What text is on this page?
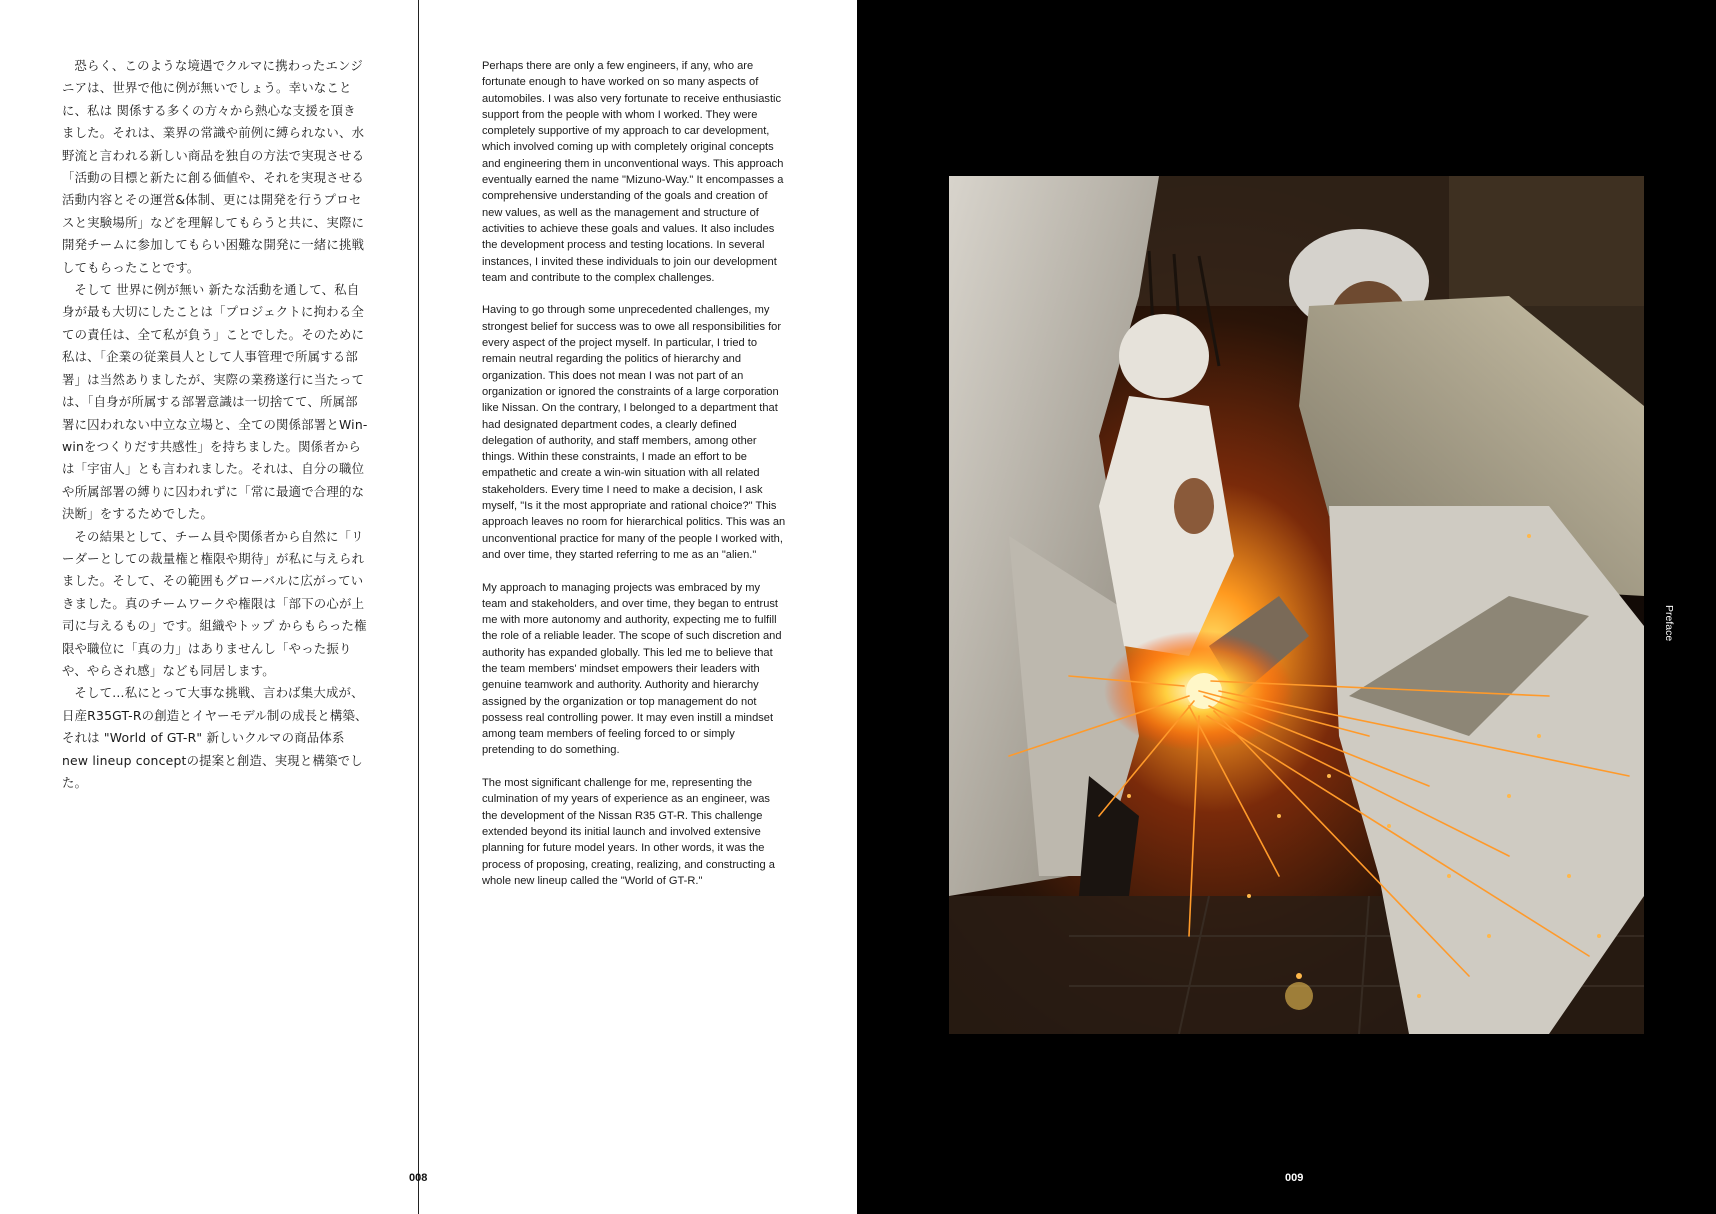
恐らく、このような境遇でクルマに携わったエンジニアは、世界で他に例が無いでしょう。幸いなことに、私は 関係する多くの方々から熱心な支援を頂きました。それは、業界の常識や前例に縛られない、水野流と言われる新しい商品を独自の方法で実現させる「活動の目標と新たに創る価値や、それを実現させる活動内容とその運営&体制、更には開発を行うプロセスと実験場所」などを理解してもらうと共に、実際に開発チームに参加してもらい困難な開発に一緒に挑戦してもらったことです。

そして 世界に例が無い 新たな活動を通して、私自身が最も大切にしたことは「プロジェクトに拘わる全ての責任は、全て私が負う」ことでした。そのために私は、「企業の従業員人として人事管理で所属する部署」は当然ありましたが、実際の業務遂行に当たっては、「自身が所属する部署意識は一切捨てて、所属部署に囚われない中立な立場と、全ての関係部署とWin-winをつくりだす共感性」を持ちました。関係者からは「宇宙人」とも言われました。それは、自分の職位や所属部署の縛りに囚われずに「常に最適で合理的な決断」をするためでした。

その結果として、チーム員や関係者から自然に「リーダーとしての裁量権と権限や期待」が私に与えられました。そして、その範囲もグローバルに広がっていきました。真のチームワークや権限は「部下の心が上司に与えるもの」です。組織やトップ からもらった権限や職位に「真の力」はありませんし「やった振りや、やらされ感」なども同居します。

そして…私にとって大事な挑戦、言わば集大成が、日産R35GT-Rの創造とイヤーモデル制の成長と構築、それは "World of GT-R" 新しいクルマの商品体系new lineup conceptの提案と創造、実現と構築でした。

Perhaps there are only a few engineers, if any, who are fortunate enough to have worked on so many aspects of automobiles. I was also very fortunate to receive enthusiastic support from the people with whom I worked. They were completely supportive of my approach to car development, which involved coming up with completely original concepts and engineering them in unconventional ways. This approach eventually earned the name "Mizuno-Way." It encompasses a comprehensive understanding of the goals and creation of new values, as well as the management and structure of activities to achieve these goals and values. It also includes the development process and testing locations. In several instances, I invited these individuals to join our development team and contribute to the complex challenges.

Having to go through some unprecedented challenges, my strongest belief for success was to owe all responsibilities for every aspect of the project myself. In particular, I tried to remain neutral regarding the politics of hierarchy and organization. This does not mean I was not part of an organization or ignored the constraints of a large corporation like Nissan. On the contrary, I belonged to a department that had designated department codes, a clearly defined delegation of authority, and staff members, among other things. Within these constraints, I made an effort to be empathetic and create a win-win situation with all related stakeholders. Every time I need to make a decision, I ask myself, "Is it the most appropriate and rational choice?" This approach leaves no room for hierarchical politics. This was an unconventional practice for many of the people I worked with, and over time, they started referring to me as an "alien."

My approach to managing projects was embraced by my team and stakeholders, and over time, they began to entrust me with more autonomy and authority, expecting me to fulfill the role of a reliable leader. The scope of such discretion and authority has expanded globally. This led me to believe that the team members' mindset empowers their leaders with genuine teamwork and authority. Authority and hierarchy assigned by the organization or top management do not possess real controlling power. It may even instill a mindset among team members of feeling forced to or simply pretending to do something.

The most significant challenge for me, representing the culmination of my years of experience as an engineer, was the development of the Nissan R35 GT-R. This challenge extended beyond its initial launch and involved extensive planning for future model years. In other words, it was the process of proposing, creating, realizing, and constructing a whole new lineup called the "World of GT-R."

008
Preface
009
